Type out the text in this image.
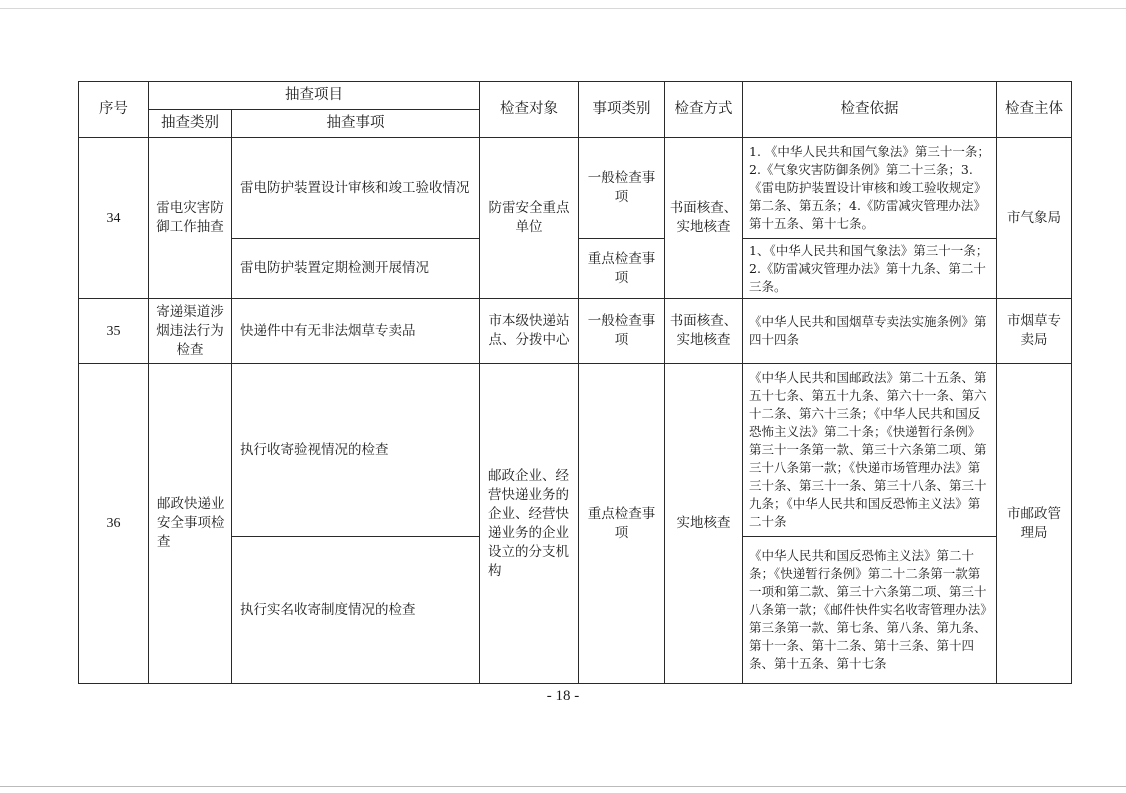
序号	抽查项目		检查对象	事项类别	检查方式	检查依据	检查主体
	抽查类别	抽查事项					
34	雷电灾害防御工作抽查	雷电防护装置设计审核和竣工验收情况	防雷安全重点单位	一般检查事项	书面核查、实地核查	1. 《中华人民共和国气象法》第三十一条；2.《气象灾害防御条例》第二十三条；3.《雷电防护装置设计审核和竣工验收规定》第二条、第五条；4.《防雷减灾管理办法》第十五条、第十七条。	市气象局
		雷电防护装置定期检测开展情况		重点检查事项		1、《中华人民共和国气象法》第三十一条；2.《防雷减灾管理办法》第十九条、第二十三条。	
35	寄递渠道涉烟违法行为检查	快递件中有无非法烟草专卖品	市本级快递站点、分拨中心	一般检查事项	书面核查、实地核查	《中华人民共和国烟草专卖法实施条例》第四十四条	市烟草专卖局
36	邮政快递业安全事项检查	执行收寄验视情况的检查	邮政企业、经营快递业务的企业、经营快递业务的企业设立的分支机构	重点检查事项	实地核查	《中华人民共和国邮政法》第二十五条、第五十七条、第五十九条、第六十一条、第六十二条、第六十三条；《中华人民共和国反恐怖主义法》第二十条；《快递暂行条例》第三十一条第一款、第三十六条第二项、第三十八条第一款；《快递市场管理办法》第三十条、第三十一条、第三十八条、第三十九条；《中华人民共和国反恐怖主义法》第二十条	市邮政管理局
		执行实名收寄制度情况的检查				《中华人民共和国反恐怖主义法》第二十条；《快递暂行条例》第二十二条第一款第一项和第二款、第三十六条第二项、第三十八条第一款；《邮件快件实名收寄管理办法》第三条第一款、第七条、第八条、第九条、第十一条、第十二条、第十三条、第十四条、第十五条、第十七条	
- 18 -
